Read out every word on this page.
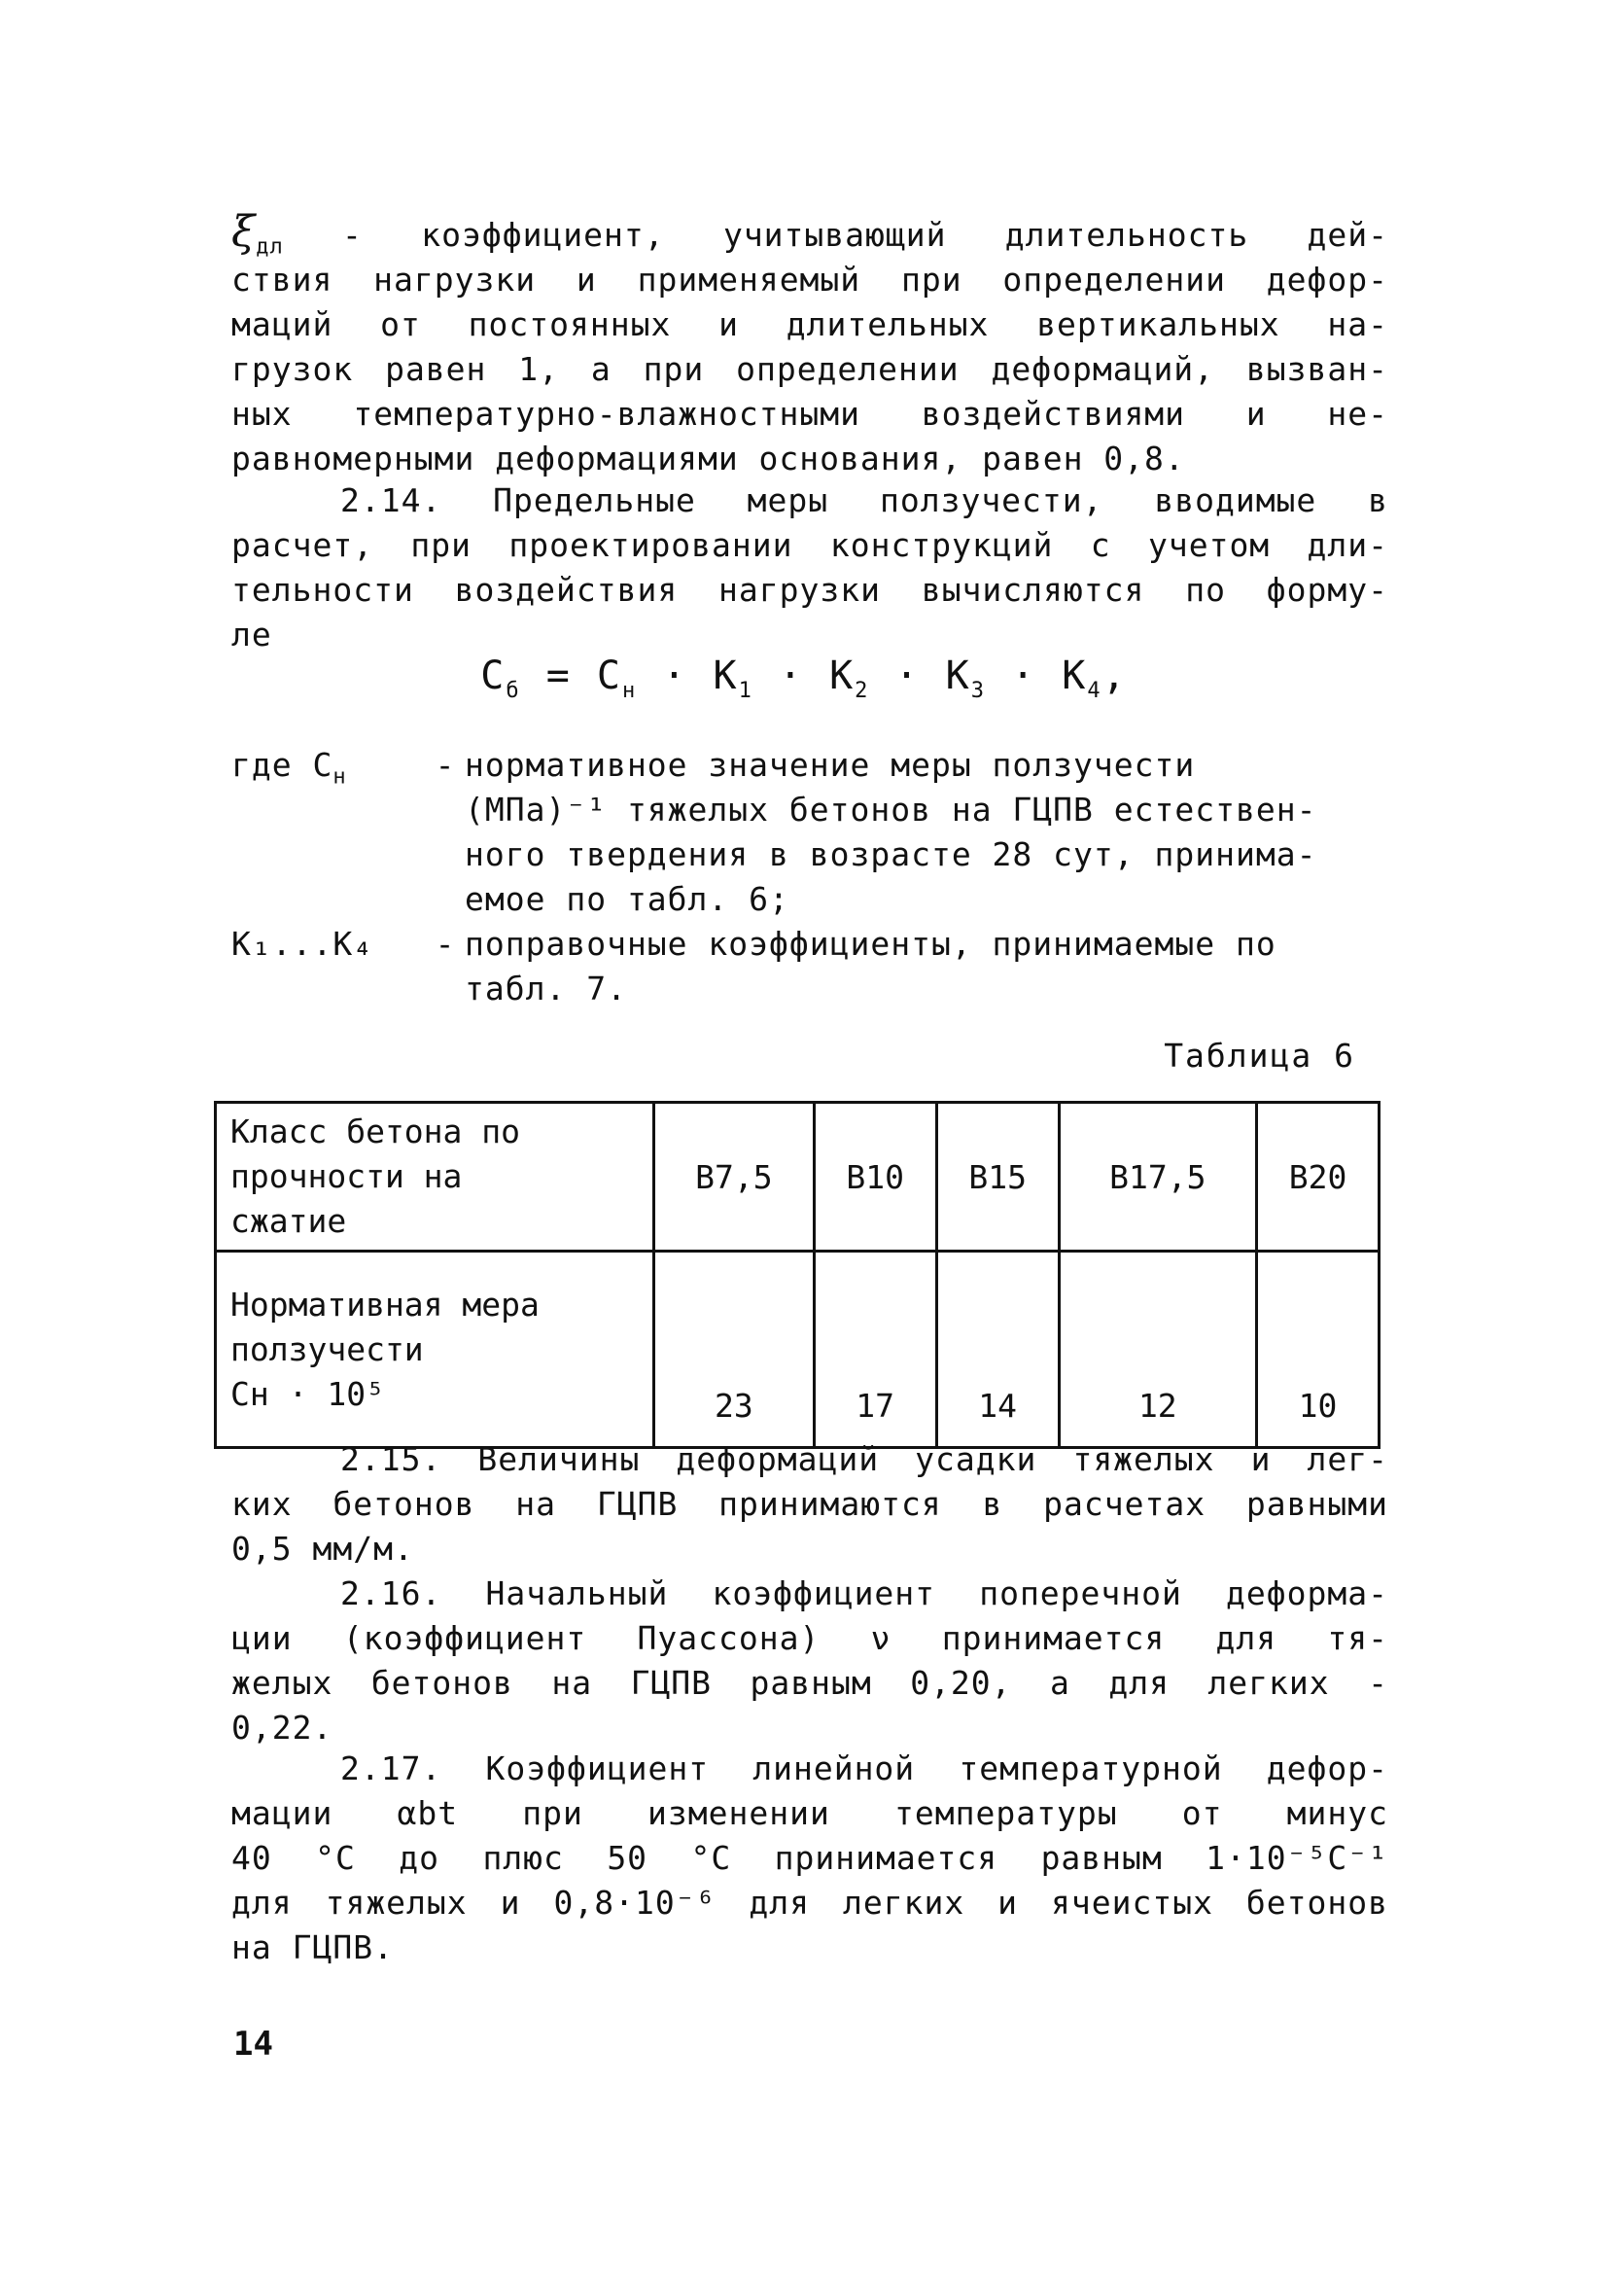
$\xi_{дл}$ - коэффициент, учитывающий длительность дей-
ствия нагрузки и применяемый при определении дефор-
маций от постоянных и длительных вертикальных на-
грузок равен 1, а при определении деформаций, вызван-
ных температурно-влажностными воздействиями и не-
равномерными деформациями основания, равен 0,8.
2.14. Предельные меры ползучести, вводимые в
расчет, при проектировании конструкций с учетом дли-
тельности воздействия нагрузки вычисляются по форму-
ле
$C_б = C_н \cdot K_1 \cdot K_2 \cdot K_3 \cdot K_4$,
где $C_н$	- нормативное значение меры ползучести
(МПа)⁻¹ тяжелых бетонов на ГЦПВ естествен-
ного твердения в возрасте 28 сут, принима-
емое по табл. 6;
K₁...K₄	- поправочные коэффициенты, принимаемые по
табл. 7.
Таблица 6
Класс бетона по
прочности на
сжатие	B7,5	B10	B15	B17,5	B20

Нормативная мера
ползучести
Cн · 10⁵	23	17	14	12	10
2.15. Величины деформаций усадки тяжелых и лег-
ких бетонов на ГЦПВ принимаются в расчетах равными
0,5 мм/м.
2.16. Начальный коэффициент поперечной деформа-
ции (коэффициент Пуассона) ν принимается для тя-
желых бетонов на ГЦПВ равным 0,20, а для легких -
0,22.
2.17. Коэффициент линейной температурной дефор-
мации αbt при изменении температуры от минус
40 °C до плюс 50 °C принимается равным 1·10⁻⁵C⁻¹
для тяжелых и 0,8·10⁻⁶ для легких и ячеистых бетонов
на ГЦПВ.
14
